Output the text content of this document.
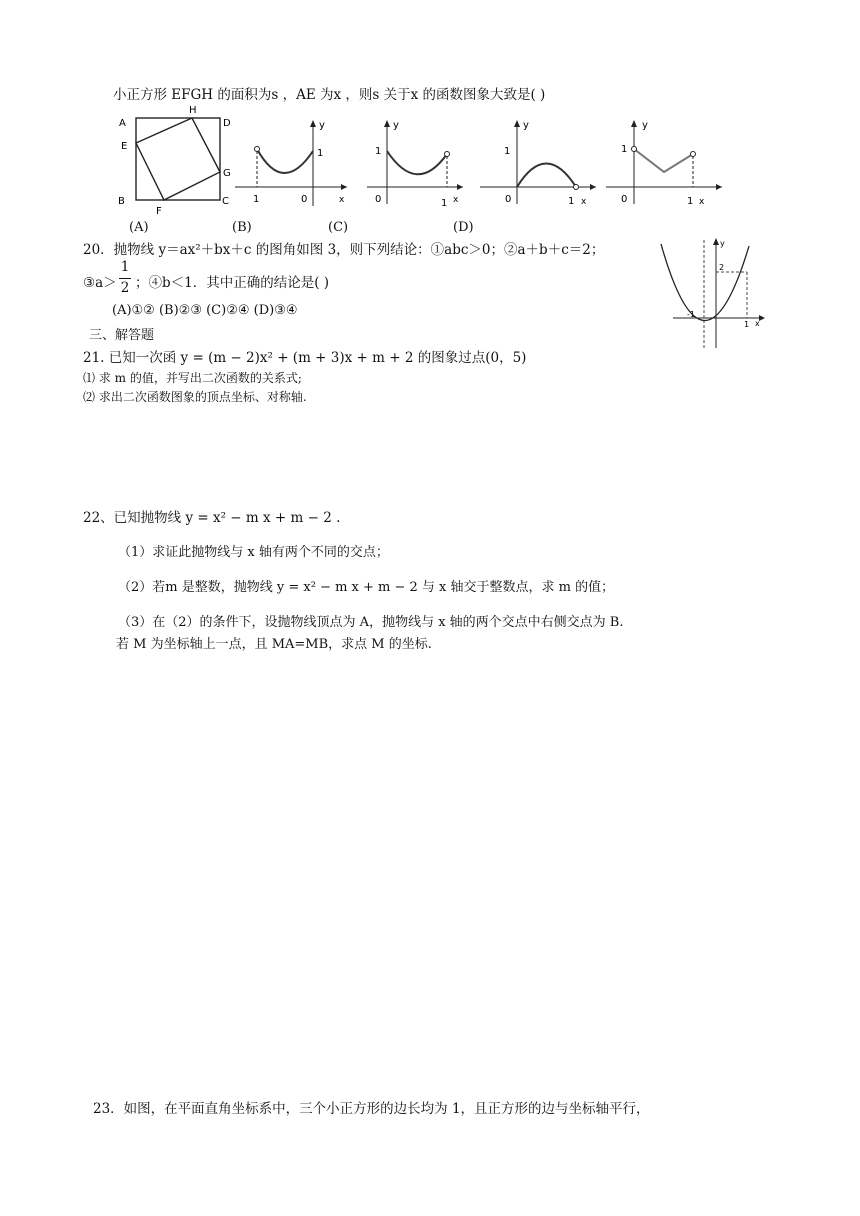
小正方形 EFGH 的面积为s ，AE 为x ，则s 关于x 的函数图象大致是( )
A
H
D
E
G
B
F
C
y
1
x
0
1
y
1
x
0	1
y
1
0	1 x
y
1
0	1 x
(A)	(B)	(C)	(D)
20．抛物线 y＝ax²＋bx＋c 的图角如图 3，则下列结论：①abc＞0；②a＋b＋c＝2；
③a＞
1
2 ；④b＜1．其中正确的结论是( )
(A)①② (B)②③ (C)②④ (D)③④
y
2
x
-1
1
三、解答题
21. 已知一次函 y = (m − 2)x² + (m + 3)x + m + 2 的图象过点(0，5)
⑴ 求 m 的值，并写出二次函数的关系式;
⑵ 求出二次函数图象的顶点坐标、对称轴.
22、已知抛物线 y = x² − m x + m − 2 .
（1）求证此抛物线与 x 轴有两个不同的交点；
（2）若m 是整数，抛物线 y = x² − m x + m − 2 与 x 轴交于整数点，求 m 的值；
（3）在（2）的条件下，设抛物线顶点为 A，抛物线与 x 轴的两个交点中右侧交点为 B.
若 M 为坐标轴上一点，且 MA=MB，求点 M 的坐标.
23．如图，在平面直角坐标系中，三个小正方形的边长均为 1，且正方形的边与坐标轴平行，
